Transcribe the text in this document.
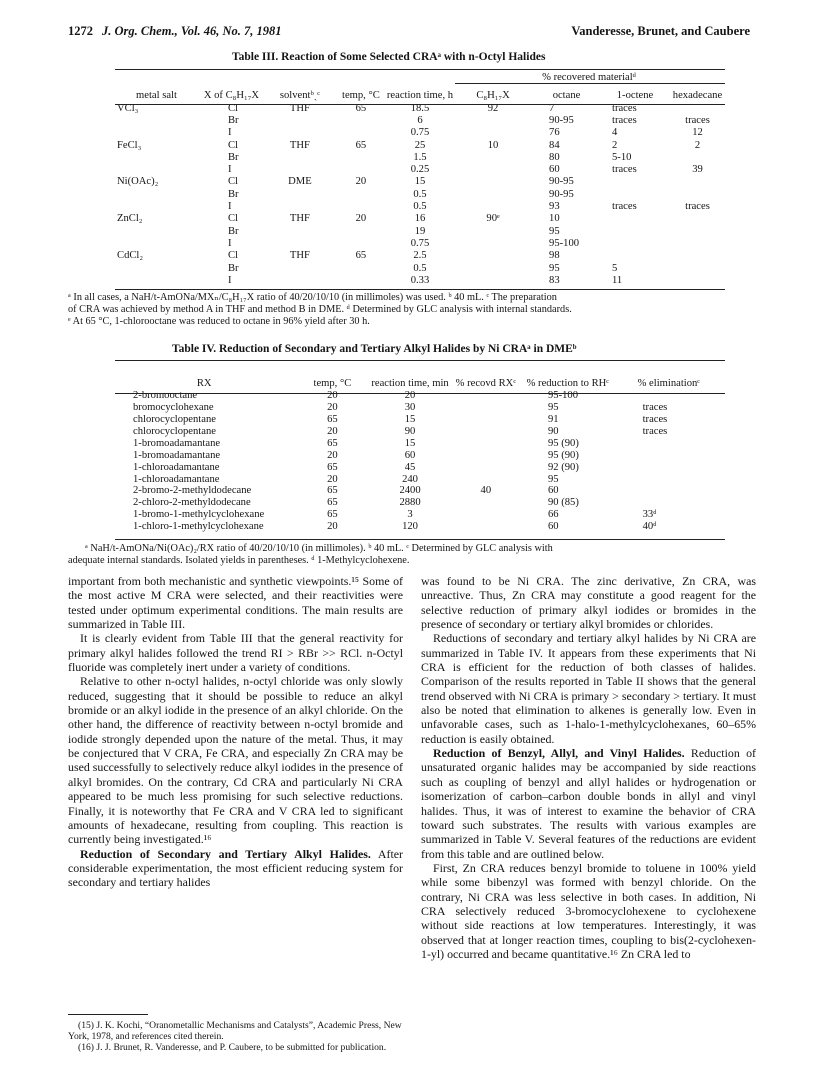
1272 J. Org. Chem., Vol. 46, No. 7, 1981	Vanderesse, Brunet, and Caubere
Table III. Reaction of Some Selected CRAᵃ with n-Octyl Halides
					% recovered materialᵈ			
metal salt	X of C₈H₁₇X	solventᵇˎᶜ	temp, °C	reaction time, h	C₈H₁₇X	octane	1-octene	hexadecane
VCl₃	Cl	THF	65	18.5	92	7	traces	
	Br			6		90-95	traces	traces
	I			0.75		76	4	12
FeCl₃	Cl	THF	65	25	10	84	2	2
	Br			1.5		80	5-10	
	I			0.25		60	traces	39
Ni(OAc)₂	Cl	DME	20	15		90-95		
	Br			0.5		90-95		
	I			0.5		93	traces	traces
ZnCl₂	Cl	THF	20	16	90ᵉ	10		
	Br			19		95		
	I			0.75		95-100		
CdCl₂	Cl	THF	65	2.5		98		
	Br			0.5		95	5	
	I			0.33		83	11	
ᵃ In all cases, a NaH/t-AmONa/MXₙ/C₈H₁₇X ratio of 40/20/10/10 (in millimoles) was used. ᵇ 40 mL. ᶜ The preparation
of CRA was achieved by method A in THF and method B in DME. ᵈ Determined by GLC analysis with internal standards.
ᵉ At 65 °C, 1-chlorooctane was reduced to octane in 96% yield after 30 h.
Table IV. Reduction of Secondary and Tertiary Alkyl Halides by Ni CRAᵃ in DMEᵇ
RX	temp, °C	reaction time, min	% recovd RXᶜ	% reduction to RHᶜ	% eliminationᶜ
2-bromooctane	20	20		95-100	
bromocyclohexane	20	30		95	traces
chlorocyclopentane	65	15		91	traces
chlorocyclopentane	20	90		90	traces
1-bromoadamantane	65	15		95 (90)	
1-bromoadamantane	20	60		95 (90)	
1-chloroadamantane	65	45		92 (90)	
1-chloroadamantane	20	240		95	
2-bromo-2-methyldodecane	65	2400	40	60	
2-chloro-2-methyldodecane	65	2880		90 (85)	
1-bromo-1-methylcyclohexane	65	3		66	33ᵈ
1-chloro-1-methylcyclohexane	20	120		60	40ᵈ
ᵃ NaH/t-AmONa/Ni(OAc)₂/RX ratio of 40/20/10/10 (in millimoles). ᵇ 40 mL. ᶜ Determined by GLC analysis with
adequate internal standards. Isolated yields in parentheses. ᵈ 1-Methylcyclohexene.

important from both mechanistic and synthetic viewpoints.¹⁵ Some of the most active M CRA were selected, and their reactivities were tested under optimum experimental conditions. The main results are summarized in Table III.

It is clearly evident from Table III that the general reactivity for primary alkyl halides followed the trend RI > RBr >> RCl. n-Octyl fluoride was completely inert under a variety of conditions.

Relative to other n-octyl halides, n-octyl chloride was only slowly reduced, suggesting that it should be possible to reduce an alkyl bromide or an alkyl iodide in the presence of an alkyl chloride. On the other hand, the difference of reactivity between n-octyl bromide and iodide strongly depended upon the nature of the metal. Thus, it may be conjectured that V CRA, Fe CRA, and especially Zn CRA may be used successfully to selectively reduce alkyl iodides in the presence of alkyl bromides. On the contrary, Cd CRA and particularly Ni CRA appeared to be much less promising for such selective reductions. Finally, it is noteworthy that Fe CRA and V CRA led to significant amounts of hexadecane, resulting from coupling. This reaction is currently being investigated.¹⁶

Reduction of Secondary and Tertiary Alkyl Halides. After considerable experimentation, the most efficient reducing system for secondary and tertiary halides

(15) J. K. Kochi, “Oranometallic Mechanisms and Catalysts”, Academic Press, New York, 1978, and references cited therein.
(16) J. J. Brunet, R. Vanderesse, and P. Caubere, to be submitted for publication.

was found to be Ni CRA. The zinc derivative, Zn CRA, was unreactive. Thus, Zn CRA may constitute a good reagent for the selective reduction of primary alkyl iodides or bromides in the presence of secondary or tertiary alkyl bromides or chlorides.

Reductions of secondary and tertiary alkyl halides by Ni CRA are summarized in Table IV. It appears from these experiments that Ni CRA is efficient for the reduction of both classes of halides. Comparison of the results reported in Table II shows that the general trend observed with Ni CRA is primary > secondary > tertiary. It must also be noted that elimination to alkenes is generally low. Even in unfavorable cases, such as 1-halo-1-methylcyclohexanes, 60–65% reduction is easily obtained.

Reduction of Benzyl, Allyl, and Vinyl Halides. Reduction of unsaturated organic halides may be accompanied by side reactions such as coupling of benzyl and allyl halides or hydrogenation or isomerization of carbon–carbon double bonds in allyl and vinyl halides. Thus, it was of interest to examine the behavior of CRA toward such substrates. The results with various examples are summarized in Table V. Several features of the reductions are evident from this table and are outlined below.

First, Zn CRA reduces benzyl bromide to toluene in 100% yield while some bibenzyl was formed with benzyl chloride. On the contrary, Ni CRA was less selective in both cases. In addition, Ni CRA selectively reduced 3-bromocyclohexene to cyclohexene without side reactions at low temperatures. Interestingly, it was observed that at longer reaction times, coupling to bis(2-cyclohexen-1-yl) occurred and became quantitative.¹⁶ Zn CRA led to
